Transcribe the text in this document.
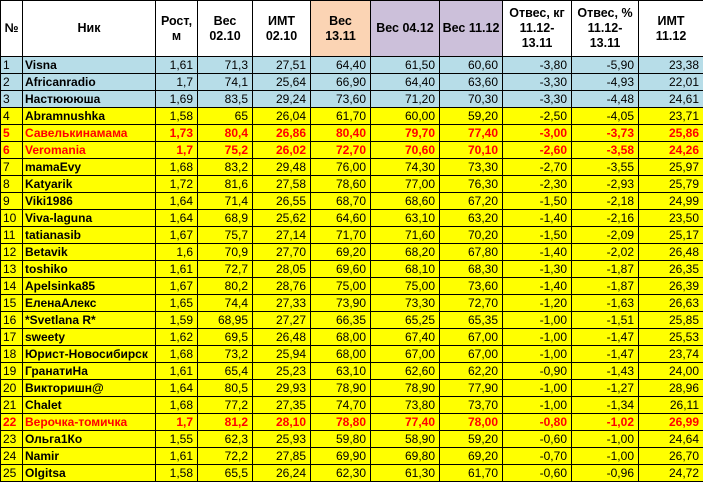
№	Ник	Рост, м	Вес 02.10	ИМТ 02.10	Вес 13.11	Вес 04.12	Вес 11.12	Отвес, кг 11.12-13.11	Отвес, % 11.12-13.11	ИМТ 11.12
1	Visna	1,61	71,3	27,51	64,40	61,50	60,60	-3,80	-5,90	23,38
2	Africanradio	1,7	74,1	25,64	66,90	64,40	63,60	-3,30	-4,93	22,01
3	Настюююша	1,69	83,5	29,24	73,60	71,20	70,30	-3,30	-4,48	24,61
4	Abramnushka	1,58	65	26,04	61,70	60,00	59,20	-2,50	-4,05	23,71
5	Савелькинамама	1,73	80,4	26,86	80,40	79,70	77,40	-3,00	-3,73	25,86
6	Veromania	1,7	75,2	26,02	72,70	70,60	70,10	-2,60	-3,58	24,26
7	mamaEvy	1,68	83,2	29,48	76,00	74,30	73,30	-2,70	-3,55	25,97
8	Katyarik	1,72	81,6	27,58	78,60	77,00	76,30	-2,30	-2,93	25,79
9	Viki1986	1,64	71,4	26,55	68,70	68,60	67,20	-1,50	-2,18	24,99
10	Viva-laguna	1,64	68,9	25,62	64,60	63,10	63,20	-1,40	-2,16	23,50
11	tatianasib	1,67	75,7	27,14	71,70	71,60	70,20	-1,50	-2,09	25,17
12	Betavik	1,6	70,9	27,70	69,20	68,20	67,80	-1,40	-2,02	26,48
13	toshiko	1,61	72,7	28,05	69,60	68,10	68,30	-1,30	-1,87	26,35
14	Apelsinka85	1,67	80,2	28,76	75,00	75,00	73,60	-1,40	-1,87	26,39
15	ЕленаАлекс	1,65	74,4	27,33	73,90	73,30	72,70	-1,20	-1,63	26,63
16	*Svetlana R*	1,59	68,95	27,27	66,35	65,25	65,35	-1,00	-1,51	25,85
17	sweety	1,62	69,5	26,48	68,00	67,40	67,00	-1,00	-1,47	25,53
18	Юрист-Новосибирск	1,68	73,2	25,94	68,00	67,00	67,00	-1,00	-1,47	23,74
19	ГранатиНа	1,61	65,4	25,23	63,10	62,60	62,20	-0,90	-1,43	24,00
20	Викторишн@	1,64	80,5	29,93	78,90	78,90	77,90	-1,00	-1,27	28,96
21	Chalet	1,68	77,2	27,35	74,70	73,80	73,70	-1,00	-1,34	26,11
22	Верочка-томичка	1,7	81,2	28,10	78,80	77,40	78,00	-0,80	-1,02	26,99
23	Ольга1Ко	1,55	62,3	25,93	59,80	58,90	59,20	-0,60	-1,00	24,64
24	Namir	1,61	72,2	27,85	69,90	69,80	69,20	-0,70	-1,00	26,70
25	Olgitsa	1,58	65,5	26,24	62,30	61,30	61,70	-0,60	-0,96	24,72
